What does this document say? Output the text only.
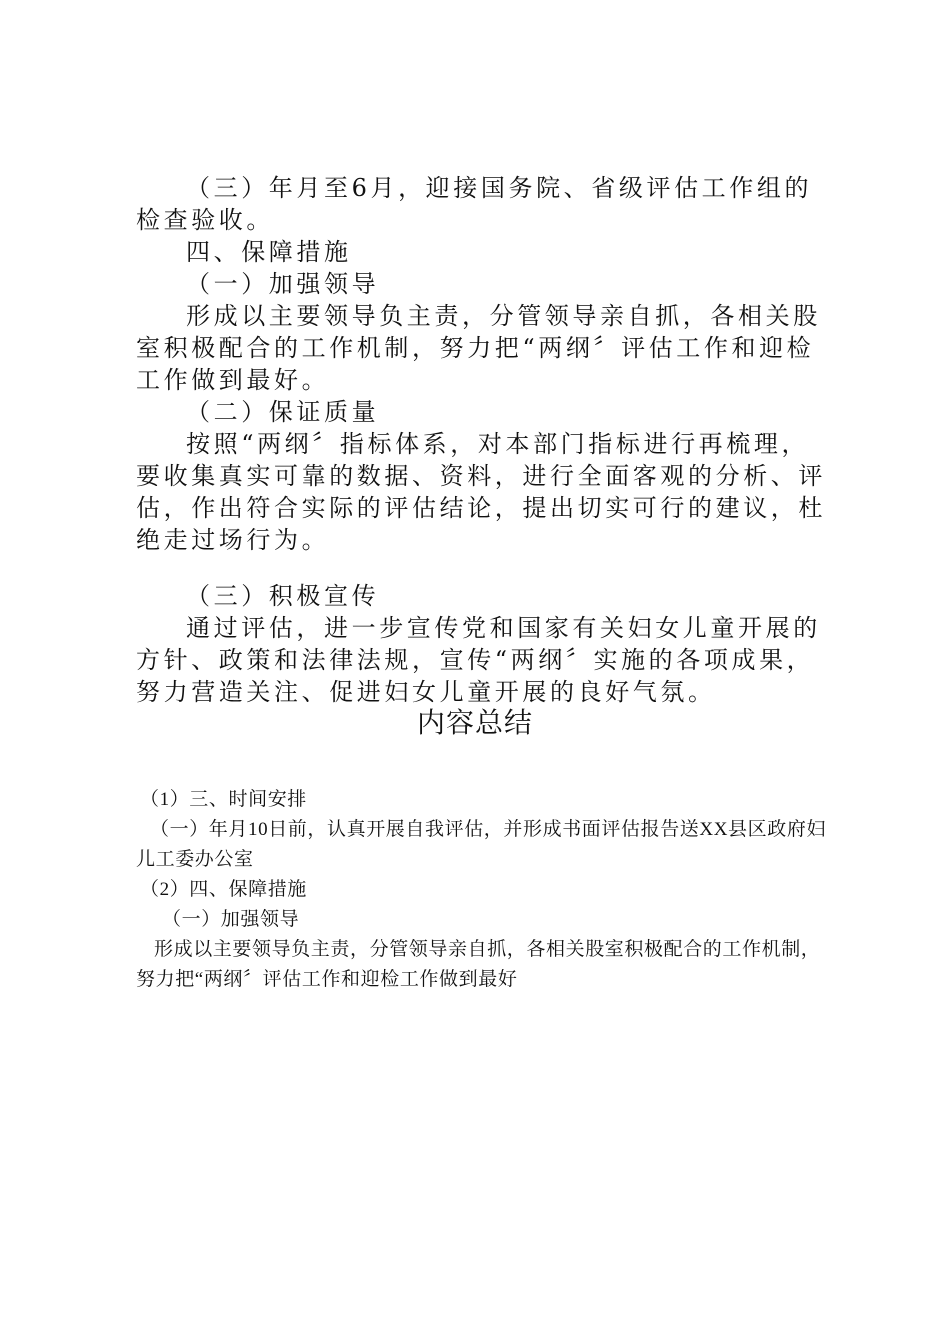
（三）年月至6月，迎接国务院、省级评估工作组的检查验收。

四、保障措施

（一）加强领导

形成以主要领导负主责，分管领导亲自抓，各相关股室积极配合的工作机制，努力把“两纲〞评估工作和迎检工作做到最好。

（二）保证质量

按照“两纲〞指标体系，对本部门指标进行再梳理，要收集真实可靠的数据、资料，进行全面客观的分析、评估，作出符合实际的评估结论，提出切实可行的建议，杜绝走过场行为。

（三）积极宣传

通过评估，进一步宣传党和国家有关妇女儿童开展的方针、政策和法律法规，宣传“两纲〞实施的各项成果，努力营造关注、促进妇女儿童开展的良好气氛。

内容总结

（1）三、时间安排

（一）年月10日前，认真开展自我评估，并形成书面评估报告送XX县区政府妇儿工委办公室

（2）四、保障措施

（一）加强领导

形成以主要领导负主责，分管领导亲自抓，各相关股室积极配合的工作机制，努力把“两纲〞评估工作和迎检工作做到最好
